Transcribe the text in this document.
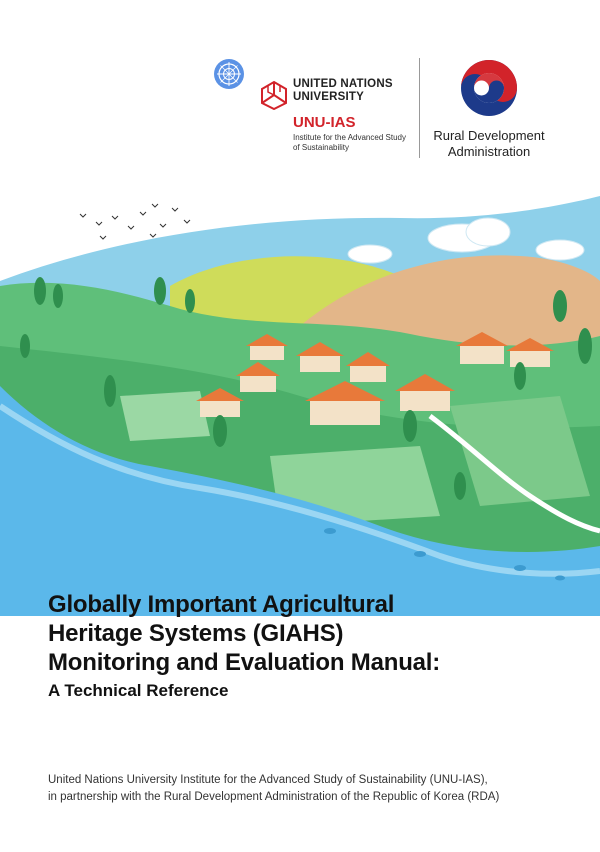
UNITED NATIONS
UNIVERSITY
UNU-IAS
Institute for the Advanced Study
of Sustainability
Rural Development
Administration
Globally Important Agricultural
Heritage Systems (GIAHS)
Monitoring and Evaluation Manual:
A Technical Reference
United Nations University Institute for the Advanced Study of Sustainability (UNU-IAS),
in partnership with the Rural Development Administration of the Republic of Korea (RDA)
